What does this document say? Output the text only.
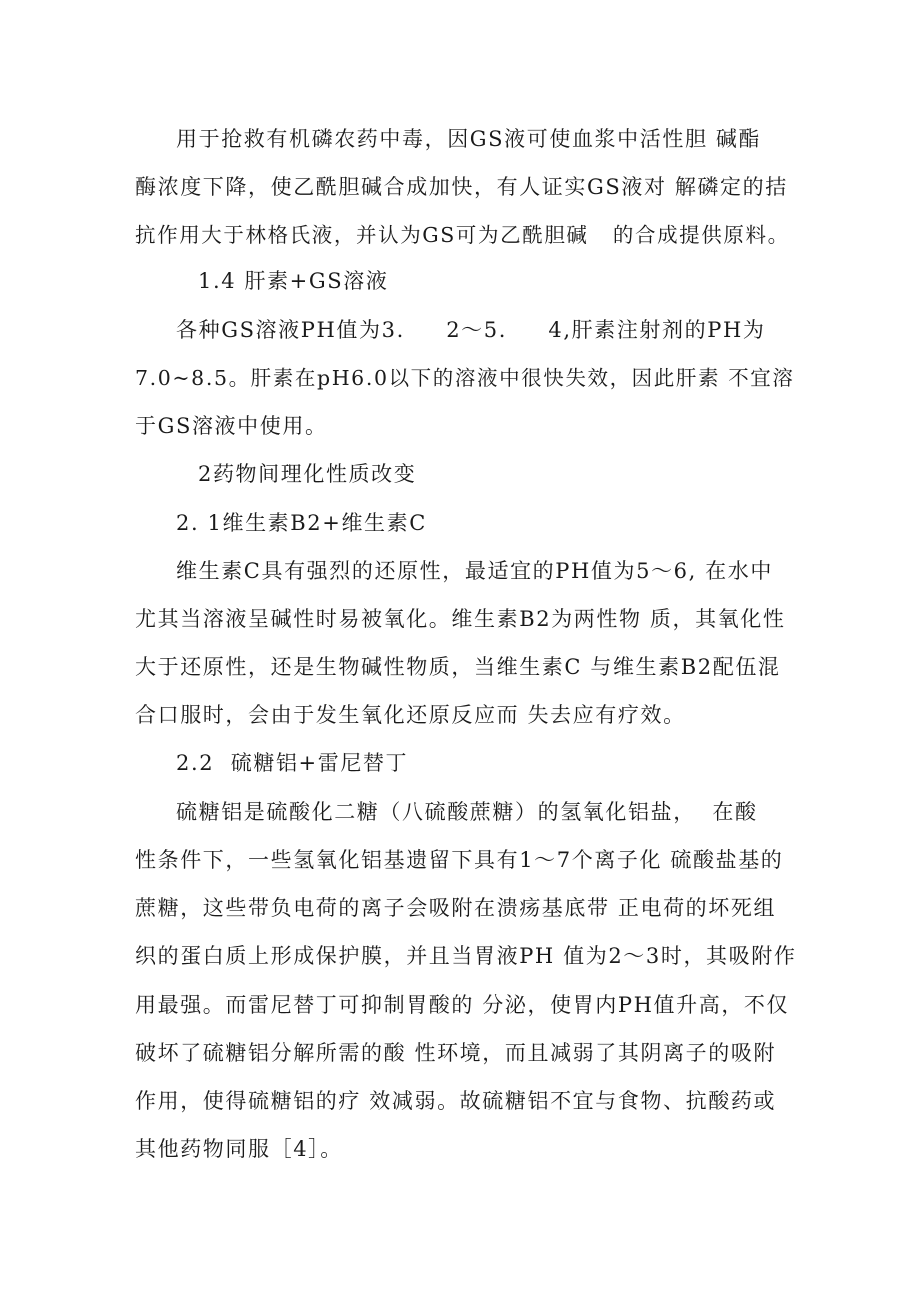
用于抢救有机磷农药中毒，因GS液可使血浆中活性胆 碱酯
酶浓度下降，使乙酰胆碱合成加快，有人证实GS液对 解磷定的拮
抗作用大于林格氏液，并认为GS可为乙酰胆碱   的合成提供原料。
1.4 肝素+GS溶液
各种GS溶液PH值为3.     2～5.     4,肝素注射剂的PH为
7.0~8.5。肝素在pH6.0以下的溶液中很快失效，因此肝素 不宜溶
于GS溶液中使用。
2药物间理化性质改变
2. 1维生素B2+维生素C
维生素C具有强烈的还原性，最适宜的PH值为5～6, 在水中
尤其当溶液呈碱性时易被氧化。维生素B2为两性物 质，其氧化性
大于还原性，还是生物碱性物质，当维生素C 与维生素B2配伍混
合口服时，会由于发生氧化还原反应而 失去应有疗效。
2.2  硫糖铝+雷尼替丁
硫糖铝是硫酸化二糖（八硫酸蔗糖）的氢氧化铝盐，  在酸
性条件下，一些氢氧化铝基遗留下具有1～7个离子化 硫酸盐基的
蔗糖，这些带负电荷的离子会吸附在溃疡基底带 正电荷的坏死组
织的蛋白质上形成保护膜，并且当胃液PH 值为2～3时，其吸附作
用最强。而雷尼替丁可抑制胃酸的 分泌，使胃内PH值升高，不仅
破坏了硫糖铝分解所需的酸 性环境，而且减弱了其阴离子的吸附
作用，使得硫糖铝的疗 效减弱。故硫糖铝不宜与食物、抗酸药或
其他药物同服［4］。
